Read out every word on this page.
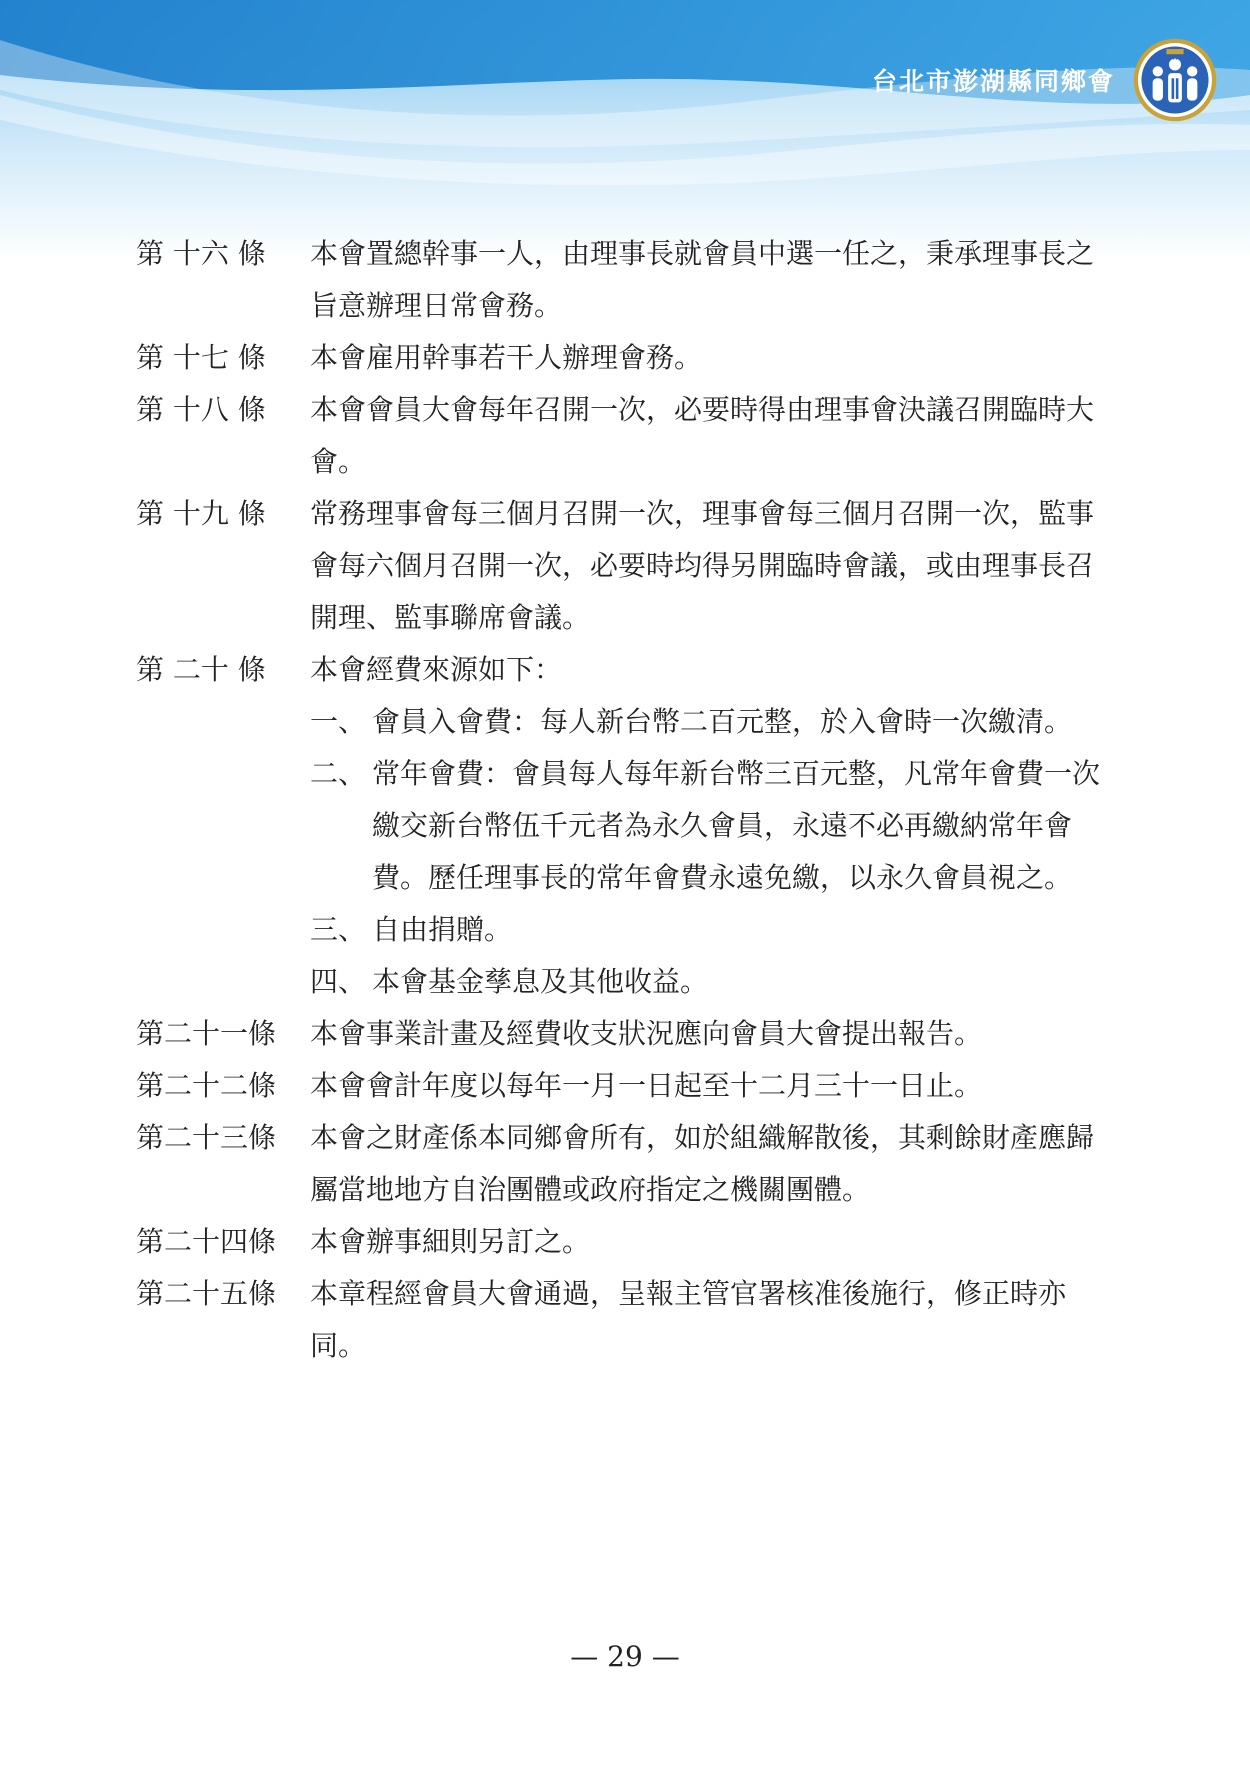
台北市澎湖縣同鄉會
PHC
第 十六 條	本會置總幹事一人，由理事長就會員中選一任之，秉承理事長之旨意辦理日常會務。
第 十七 條	本會雇用幹事若干人辦理會務。
第 十八 條	本會會員大會每年召開一次，必要時得由理事會決議召開臨時大會。
第 十九 條	常務理事會每三個月召開一次，理事會每三個月召開一次，監事會每六個月召開一次，必要時均得另開臨時會議，或由理事長召開理、監事聯席會議。
第 二十 條	本會經費來源如下：
一、 會員入會費：每人新台幣二百元整，於入會時一次繳清。
二、 常年會費：會員每人每年新台幣三百元整，凡常年會費一次繳交新台幣伍千元者為永久會員，永遠不必再繳納常年會費。歷任理事長的常年會費永遠免繳，以永久會員視之。
三、 自由捐贈。
四、 本會基金孳息及其他收益。
第二十一條	本會事業計畫及經費收支狀況應向會員大會提出報告。
第二十二條	本會會計年度以每年一月一日起至十二月三十一日止。
第二十三條	本會之財產係本同鄉會所有，如於組織解散後，其剩餘財產應歸屬當地地方自治團體或政府指定之機關團體。
第二十四條	本會辦事細則另訂之。
第二十五條	本章程經會員大會通過，呈報主管官署核准後施行，修正時亦同。
— 29 —
